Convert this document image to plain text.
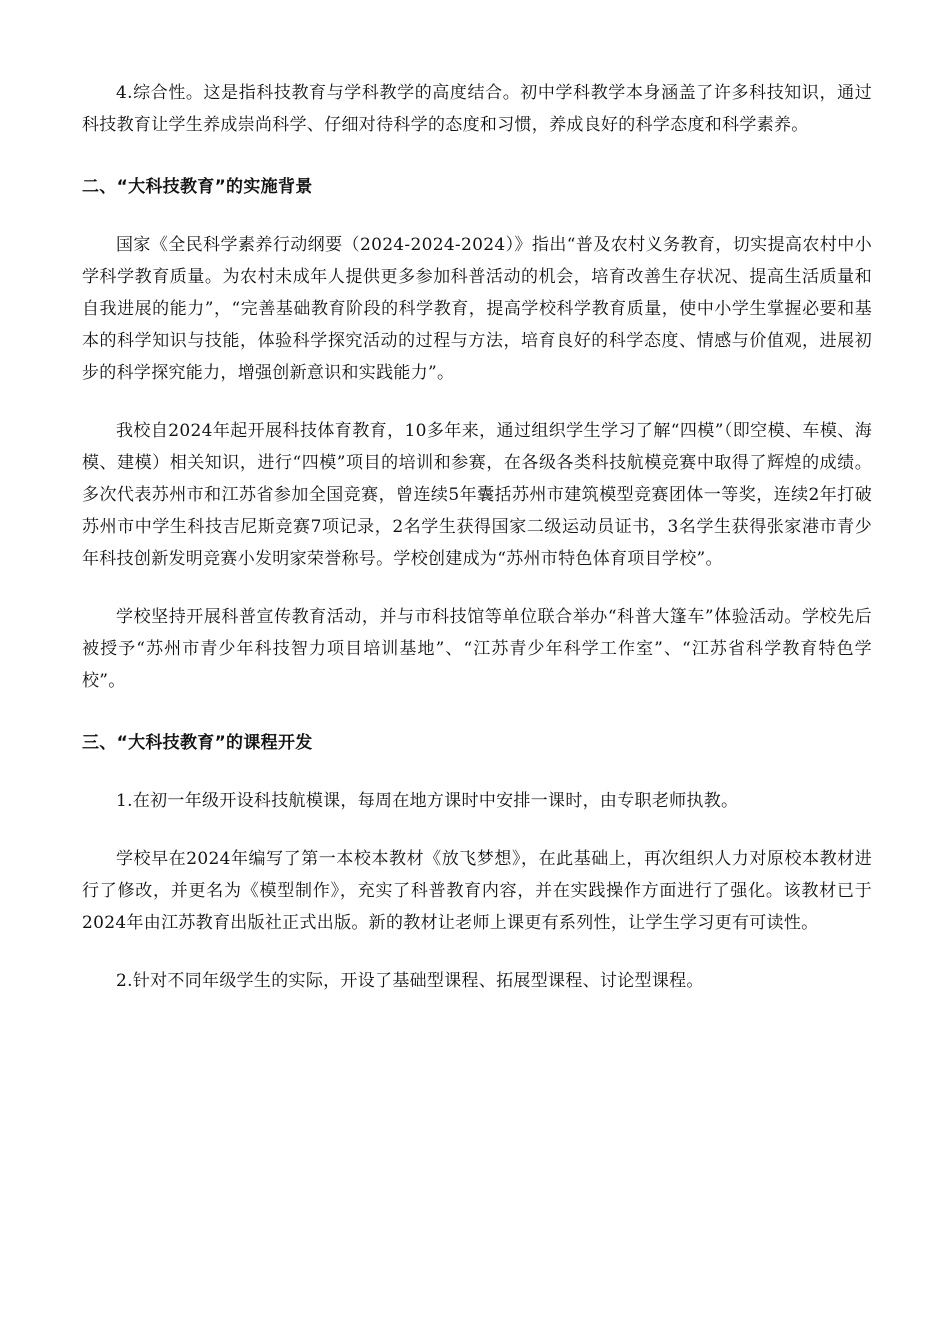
4.综合性。这是指科技教育与学科教学的高度结合。初中学科教学本身涵盖了许多科技知识，通过科技教育让学生养成崇尚科学、仔细对待科学的态度和习惯，养成良好的科学态度和科学素养。

二、“大科技教育”的实施背景

国家《全民科学素养行动纲要（2024-2024-2024）》指出“普及农村义务教育，切实提高农村中小学科学教育质量。为农村未成年人提供更多参加科普活动的机会，培育改善生存状况、提高生活质量和自我进展的能力”，“完善基础教育阶段的科学教育，提高学校科学教育质量，使中小学生掌握必要和基本的科学知识与技能，体验科学探究活动的过程与方法，培育良好的科学态度、情感与价值观，进展初步的科学探究能力，增强创新意识和实践能力”。

我校自2024年起开展科技体育教育，10多年来，通过组织学生学习了解“四模”（即空模、车模、海模、建模）相关知识，进行“四模”项目的培训和参赛，在各级各类科技航模竞赛中取得了辉煌的成绩。多次代表苏州市和江苏省参加全国竞赛，曾连续5年囊括苏州市建筑模型竞赛团体一等奖，连续2年打破苏州市中学生科技吉尼斯竞赛7项记录，2名学生获得国家二级运动员证书，3名学生获得张家港市青少年科技创新发明竞赛小发明家荣誉称号。学校创建成为“苏州市特色体育项目学校”。

学校坚持开展科普宣传教育活动，并与市科技馆等单位联合举办“科普大篷车”体验活动。学校先后被授予“苏州市青少年科技智力项目培训基地”、“江苏青少年科学工作室”、“江苏省科学教育特色学校”。

三、“大科技教育”的课程开发

1.在初一年级开设科技航模课，每周在地方课时中安排一课时，由专职老师执教。

学校早在2024年编写了第一本校本教材《放飞梦想》，在此基础上，再次组织人力对原校本教材进行了修改，并更名为《模型制作》，充实了科普教育内容，并在实践操作方面进行了强化。该教材已于2024年由江苏教育出版社正式出版。新的教材让老师上课更有系列性，让学生学习更有可读性。

2.针对不同年级学生的实际，开设了基础型课程、拓展型课程、讨论型课程。
